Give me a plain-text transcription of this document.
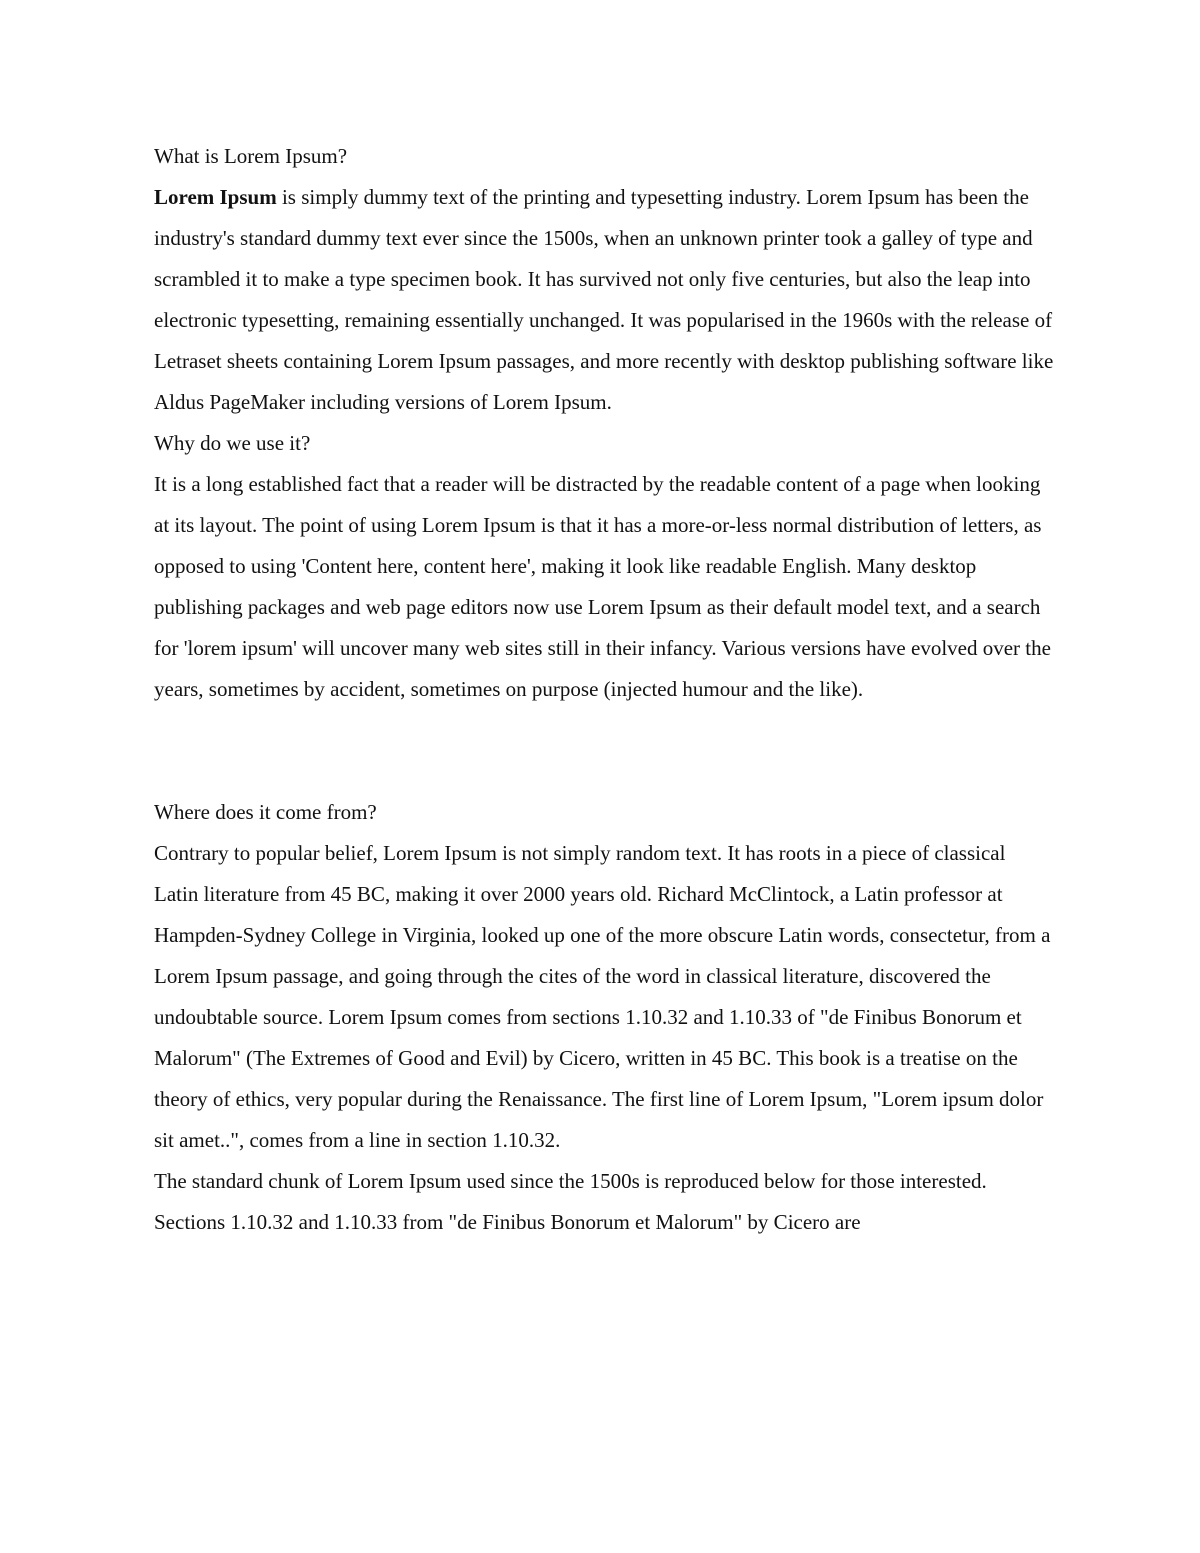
What is Lorem Ipsum?

Lorem Ipsum is simply dummy text of the printing and typesetting industry. Lorem Ipsum has been the industry's standard dummy text ever since the 1500s, when an unknown printer took a galley of type and scrambled it to make a type specimen book. It has survived not only five centuries, but also the leap into electronic typesetting, remaining essentially unchanged. It was popularised in the 1960s with the release of Letraset sheets containing Lorem Ipsum passages, and more recently with desktop publishing software like Aldus PageMaker including versions of Lorem Ipsum.

Why do we use it?

It is a long established fact that a reader will be distracted by the readable content of a page when looking at its layout. The point of using Lorem Ipsum is that it has a more-or-less normal distribution of letters, as opposed to using 'Content here, content here', making it look like readable English. Many desktop publishing packages and web page editors now use Lorem Ipsum as their default model text, and a search for 'lorem ipsum' will uncover many web sites still in their infancy. Various versions have evolved over the years, sometimes by accident, sometimes on purpose (injected humour and the like).

Where does it come from?

Contrary to popular belief, Lorem Ipsum is not simply random text. It has roots in a piece of classical Latin literature from 45 BC, making it over 2000 years old. Richard McClintock, a Latin professor at Hampden-Sydney College in Virginia, looked up one of the more obscure Latin words, consectetur, from a Lorem Ipsum passage, and going through the cites of the word in classical literature, discovered the undoubtable source. Lorem Ipsum comes from sections 1.10.32 and 1.10.33 of "de Finibus Bonorum et Malorum" (The Extremes of Good and Evil) by Cicero, written in 45 BC. This book is a treatise on the theory of ethics, very popular during the Renaissance. The first line of Lorem Ipsum, "Lorem ipsum dolor sit amet..", comes from a line in section 1.10.32.

The standard chunk of Lorem Ipsum used since the 1500s is reproduced below for those interested. Sections 1.10.32 and 1.10.33 from "de Finibus Bonorum et Malorum" by Cicero are
